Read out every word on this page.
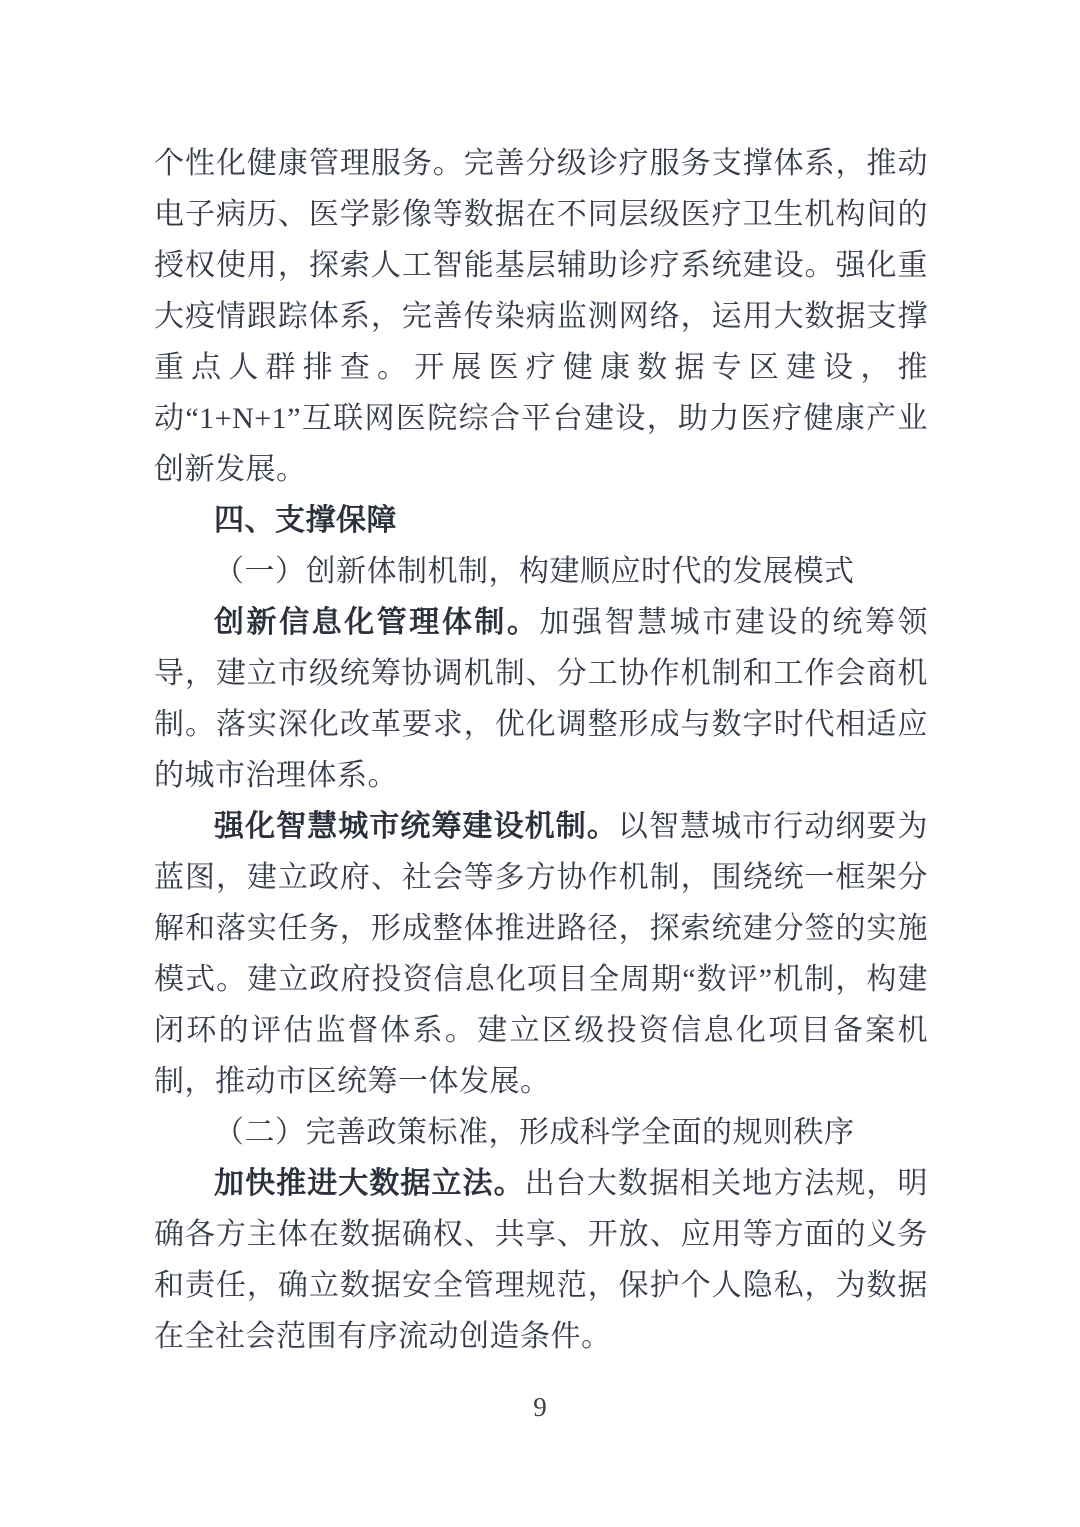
个性化健康管理服务。完善分级诊疗服务支撑体系，推动电子病历、医学影像等数据在不同层级医疗卫生机构间的授权使用，探索人工智能基层辅助诊疗系统建设。强化重大疫情跟踪体系，完善传染病监测网络，运用大数据支撑重点人群排查。开展医疗健康数据专区建设，推动“1+N+1”互联网医院综合平台建设，助力医疗健康产业创新发展。

四、支撑保障

（一）创新体制机制，构建顺应时代的发展模式

创新信息化管理体制。加强智慧城市建设的统筹领导，建立市级统筹协调机制、分工协作机制和工作会商机制。落实深化改革要求，优化调整形成与数字时代相适应的城市治理体系。

强化智慧城市统筹建设机制。以智慧城市行动纲要为蓝图，建立政府、社会等多方协作机制，围绕统一框架分解和落实任务，形成整体推进路径，探索统建分签的实施模式。建立政府投资信息化项目全周期“数评”机制，构建闭环的评估监督体系。建立区级投资信息化项目备案机制，推动市区统筹一体发展。

（二）完善政策标准，形成科学全面的规则秩序

加快推进大数据立法。出台大数据相关地方法规，明确各方主体在数据确权、共享、开放、应用等方面的义务和责任，确立数据安全管理规范，保护个人隐私，为数据在全社会范围有序流动创造条件。

9
